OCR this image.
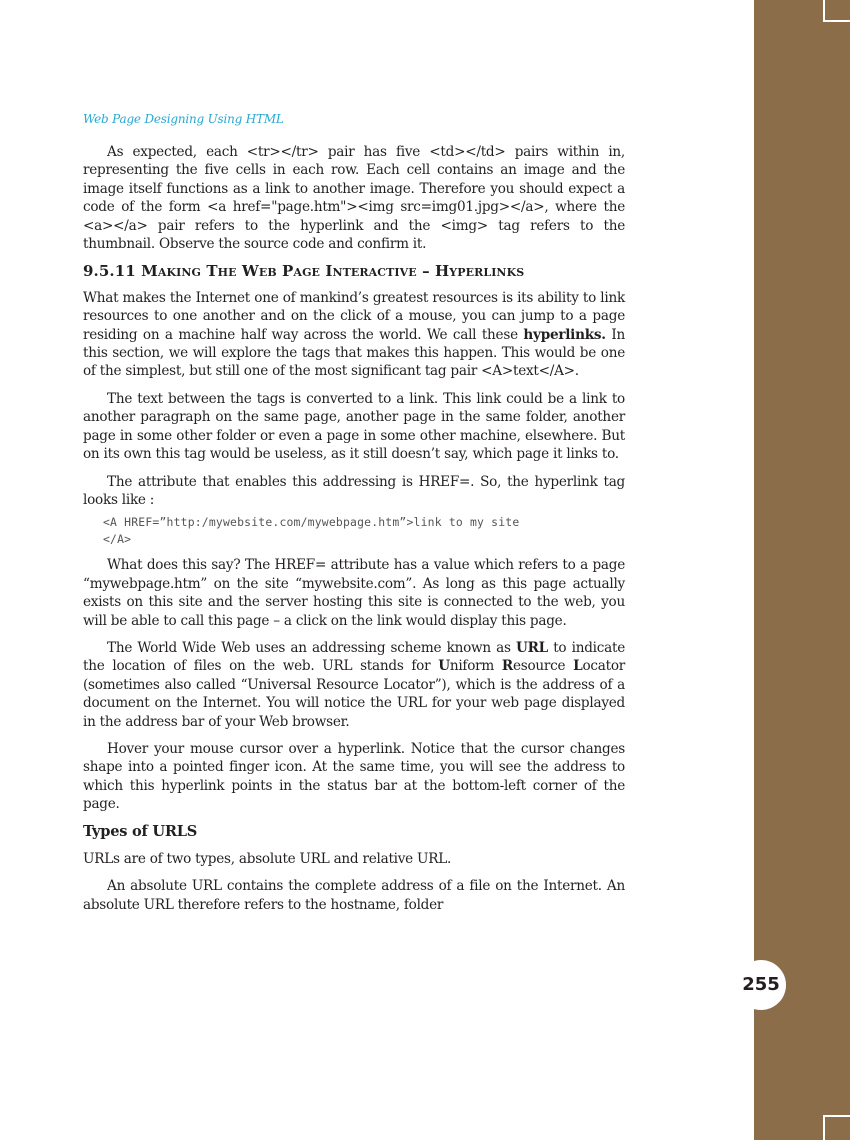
255
Web Page Designing Using HTML

As expected, each <tr></tr> pair has five <td></td> pairs within in, representing the five cells in each row. Each cell contains an image and the image itself functions as a link to another image. Therefore you should expect a code of the form <a href="page.htm"><img src=img01.jpg></a>, where the <a></a> pair refers to the hyperlink and the <img> tag refers to the thumbnail. Observe the source code and confirm it.

9.5.11 Making The Web Page Interactive – Hyperlinks

What makes the Internet one of mankind’s greatest resources is its ability to link resources to one another and on the click of a mouse, you can jump to a page residing on a machine half way across the world. We call these hyperlinks. In this section, we will explore the tags that makes this happen. This would be one of the simplest, but still one of the most significant tag pair <A>text</A>.

The text between the tags is converted to a link. This link could be a link to another paragraph on the same page, another page in the same folder, another page in some other folder or even a page in some other machine, elsewhere. But on its own this tag would be useless, as it still doesn’t say, which page it links to.

The attribute that enables this addressing is HREF=. So, the hyperlink tag looks like :

<A HREF=”http:/mywebsite.com/mywebpage.htm”>link to my site
</A>

What does this say? The HREF= attribute has a value which refers to a page “mywebpage.htm” on the site “mywebsite.com”. As long as this page actually exists on this site and the server hosting this site is connected to the web, you will be able to call this page – a click on the link would display this page.

The World Wide Web uses an addressing scheme known as URL to indicate the location of files on the web. URL stands for Uniform Resource Locator (sometimes also called “Universal Resource Locator”), which is the address of a document on the Internet. You will notice the URL for your web page displayed in the address bar of your Web browser.

Hover your mouse cursor over a hyperlink. Notice that the cursor changes shape into a pointed finger icon. At the same time, you will see the address to which this hyperlink points in the status bar at the bottom-left corner of the page.

Types of URLS

URLs are of two types, absolute URL and relative URL.

An absolute URL contains the complete address of a file on the Internet. An absolute URL therefore refers to the hostname, folder
